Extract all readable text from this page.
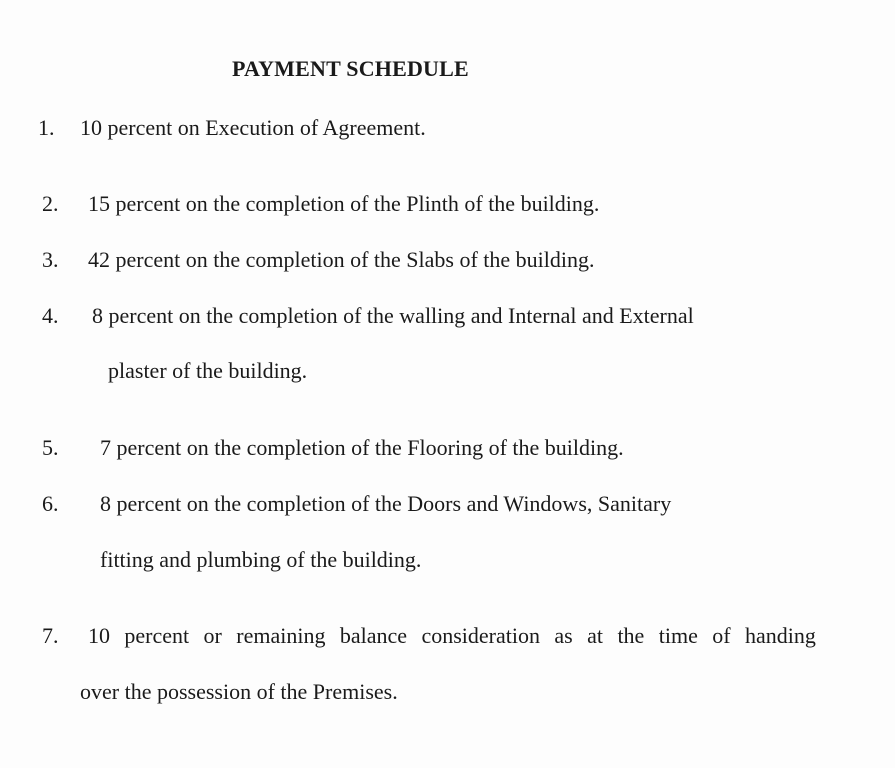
PAYMENT SCHEDULE
1. 10 percent on Execution of Agreement.
2. 15 percent on the completion of the Plinth of the building.
3. 42 percent on the completion of the Slabs of the building.
4. 8 percent on the completion of the walling and Internal and External
plaster of the building.
5. 7 percent on the completion of the Flooring of the building.
6. 8 percent on the completion of the Doors and Windows, Sanitary
fitting and plumbing of the building.
7. 10 percent or remaining balance consideration as at the time of handing
over the possession of the Premises.
